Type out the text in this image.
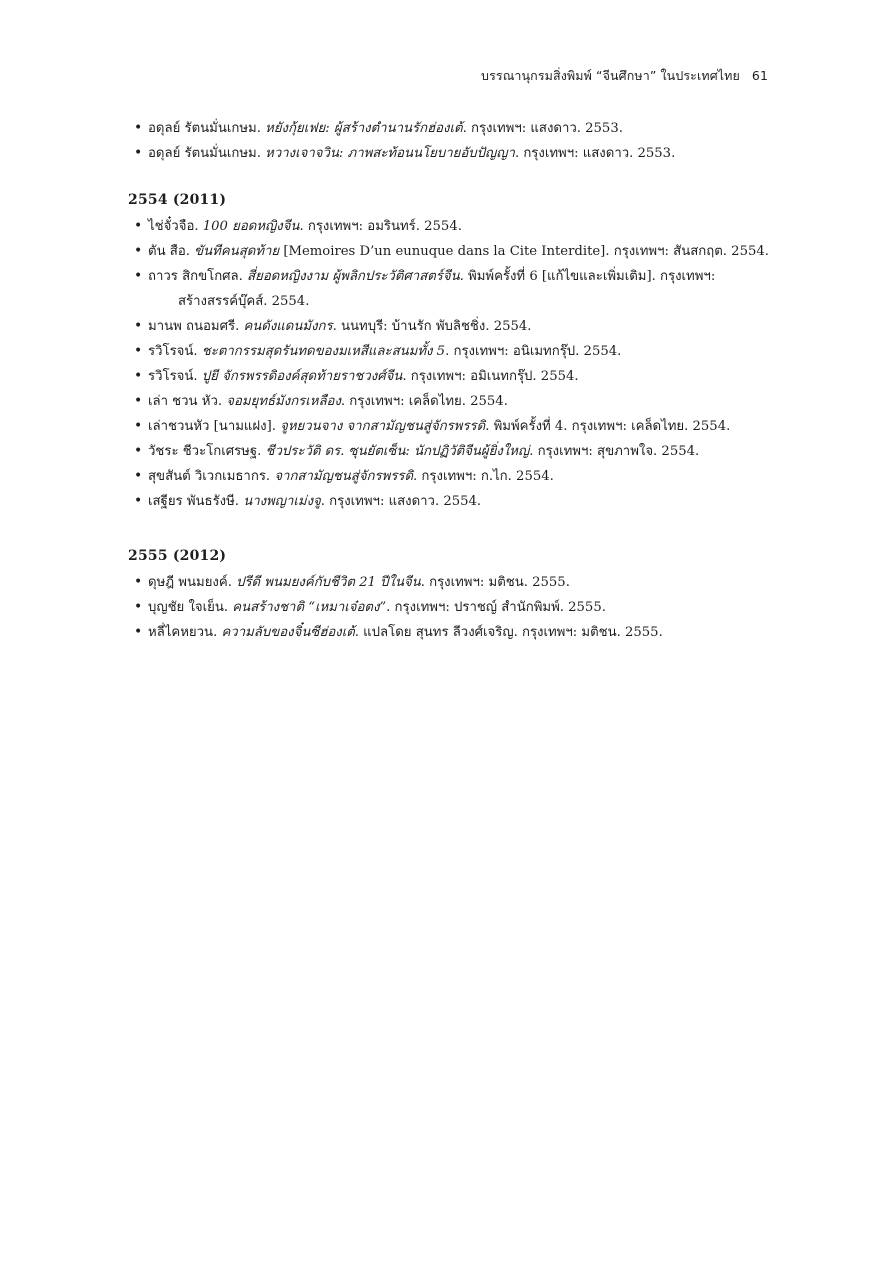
บรรณานุกรมสิ่งพิมพ์ “จีนศึกษา” ในประเทศไทย 61
• อดุลย์ รัตนมั่นเกษม. หยังกุ้ยเฟย: ผู้สร้างตำนานรักฮ่องเต้. กรุงเทพฯ: แสงดาว. 2553.
• อดุลย์ รัตนมั่นเกษม. หวางเจาจวิน: ภาพสะท้อนนโยบายอับปัญญา. กรุงเทพฯ: แสงดาว. 2553.
2554 (2011)
• ไช่จั๋วจือ. 100 ยอดหญิงจีน. กรุงเทพฯ: อมรินทร์. 2554.
• ตัน สือ. ขันทีคนสุดท้าย [Memoires D’un eunuque dans la Cite Interdite]. กรุงเทพฯ: สันสกฤต. 2554.
• ถาวร สิกขโกศล. สี่ยอดหญิงงาม ผู้พลิกประวัติศาสตร์จีน. พิมพ์ครั้งที่ 6 [แก้ไขและเพิ่มเติม]. กรุงเทพฯ:
สร้างสรรค์บุ๊คส์. 2554.
• มานพ ถนอมศรี. คนดังแดนมังกร. นนทบุรี: บ้านรัก พับลิชชิ่ง. 2554.
• รวิโรจน์. ชะตากรรมสุดรันทดของมเหสีและสนมทั้ง 5. กรุงเทพฯ: อนิเมทกรุ๊ป. 2554.
• รวิโรจน์. ปูยี จักรพรรดิองค์สุดท้ายราชวงศ์จีน. กรุงเทพฯ: อมิเนทกรุ๊ป. 2554.
• เล่า ชวน หัว. จอมยุทธ์มังกรเหลือง. กรุงเทพฯ: เคล็ดไทย. 2554.
• เล่าชวนหัว [นามแฝง]. จูหยวนจาง จากสามัญชนสู่จักรพรรดิ. พิมพ์ครั้งที่ 4. กรุงเทพฯ: เคล็ดไทย. 2554.
• วัชระ ชีวะโกเศรษฐ. ชีวประวัติ ดร. ซุนยัตเซ็น: นักปฏิวัติจีนผู้ยิ่งใหญ่. กรุงเทพฯ: สุขภาพใจ. 2554.
• สุขสันต์ วิเวกเมธากร. จากสามัญชนสู่จักรพรรดิ. กรุงเทพฯ: ก.ไก. 2554.
• เสฐียร พันธรังษี. นางพญาเม่งจู. กรุงเทพฯ: แสงดาว. 2554.
2555 (2012)
• ดุษฎี พนมยงค์. ปรีดี พนมยงค์กับชีวิต 21 ปีในจีน. กรุงเทพฯ: มติชน. 2555.
• บุญชัย ใจเย็น. คนสร้างชาติ “เหมาเจ๋อตง”. กรุงเทพฯ: ปราชญ์ สำนักพิมพ์. 2555.
• หลี่ไคหยวน. ความลับของจิ๋นซีฮ่องเต้. แปลโดย สุนทร ลีวงศ์เจริญ. กรุงเทพฯ: มติชน. 2555.
